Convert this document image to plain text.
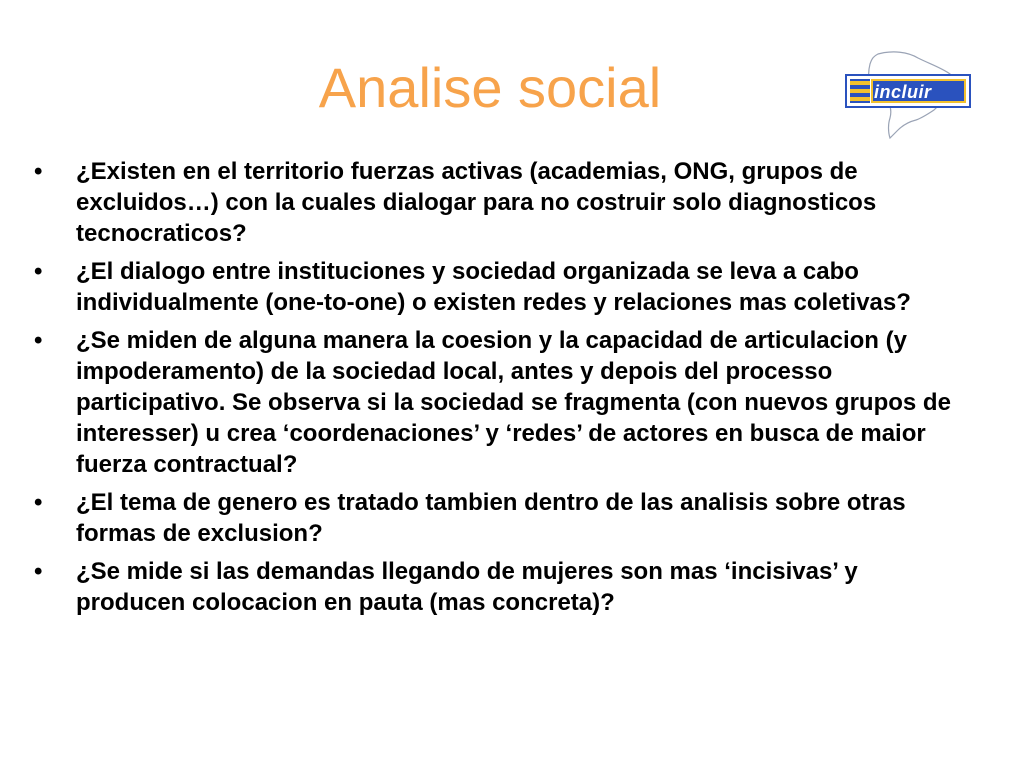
Analise social	incluir
• ¿Existen en el territorio fuerzas activas (academias, ONG, grupos de excluidos…) con la cuales dialogar para no costruir solo diagnosticos tecnocraticos?
• ¿El dialogo entre instituciones y sociedad organizada se leva a cabo individualmente (one-to-one) o existen redes y relaciones mas coletivas?
• ¿Se miden de alguna manera la coesion y la capacidad de articulacion (y impoderamento) de la sociedad local, antes y depois del processo participativo. Se observa si la sociedad se fragmenta (con nuevos grupos de interesser) u crea ‘coordenaciones’ y ‘redes’ de actores en busca de maior fuerza contractual?
• ¿El tema de genero es tratado tambien dentro de las analisis sobre otras formas de exclusion?
• ¿Se mide si las demandas llegando de mujeres son mas ‘incisivas’ y producen colocacion en pauta (mas concreta)?
